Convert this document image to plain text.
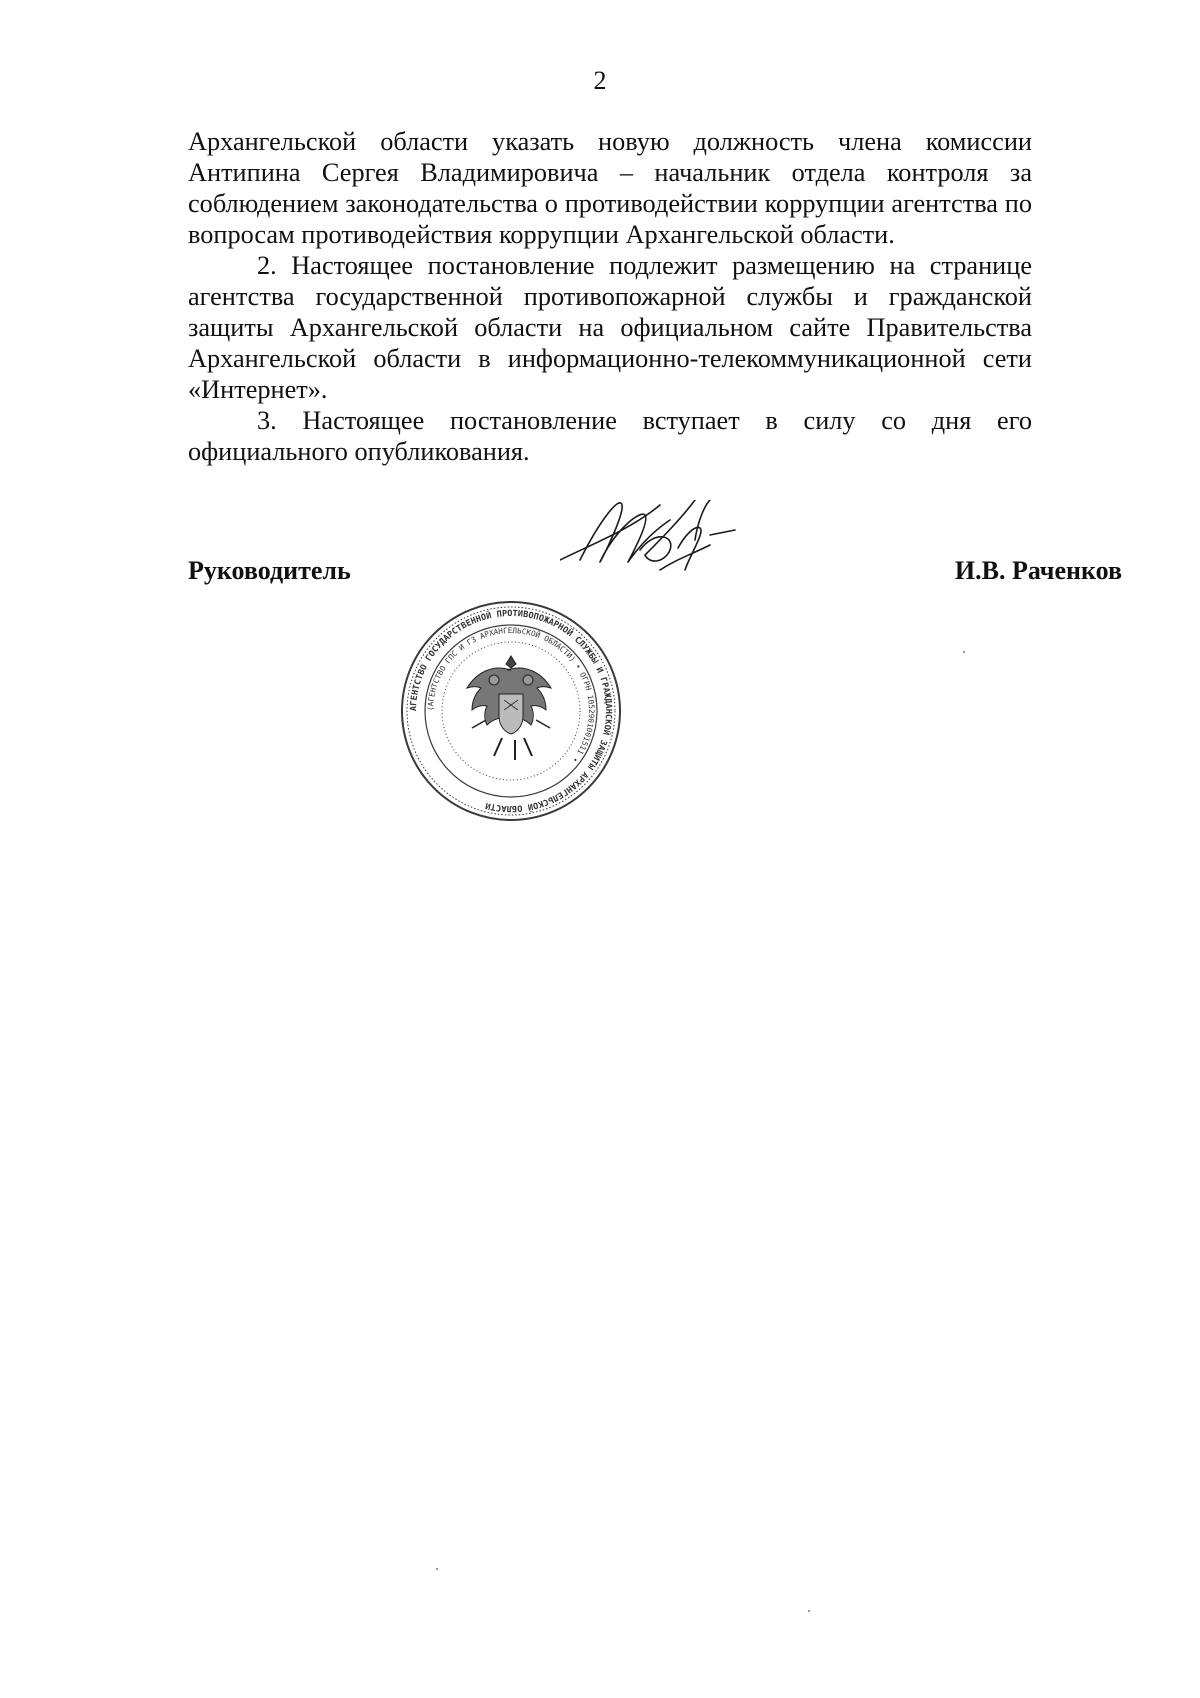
2

Архангельской области указать новую должность члена комиссии Антипина Сергея Владимировича – начальник отдела контроля за соблюдением законодательства о противодействии коррупции агентства по вопросам противодействия коррупции Архангельской области.

2. Настоящее постановление подлежит размещению на странице агентства государственной противопожарной службы и гражданской защиты Архангельской области на официальном сайте Правительства Архангельской области в информационно-телекоммуникационной сети «Интернет».

3. Настоящее постановление вступает в силу со дня его официального опубликования.

Руководитель	И.В. Раченков
АГЕНТСТВО ГОСУДАРСТВЕННОЙ ПРОТИВОПОЖАРНОЙ СЛУЖБЫ И ГРАЖДАНСКОЙ ЗАЩИТЫ АРХАНГЕЛЬСКОЙ ОБЛАСТИ
(АГЕНТСТВО ГПС И ГЗ АРХАНГЕЛЬСКОЙ ОБЛАСТИ) • ОГРН 1052901001511 •
